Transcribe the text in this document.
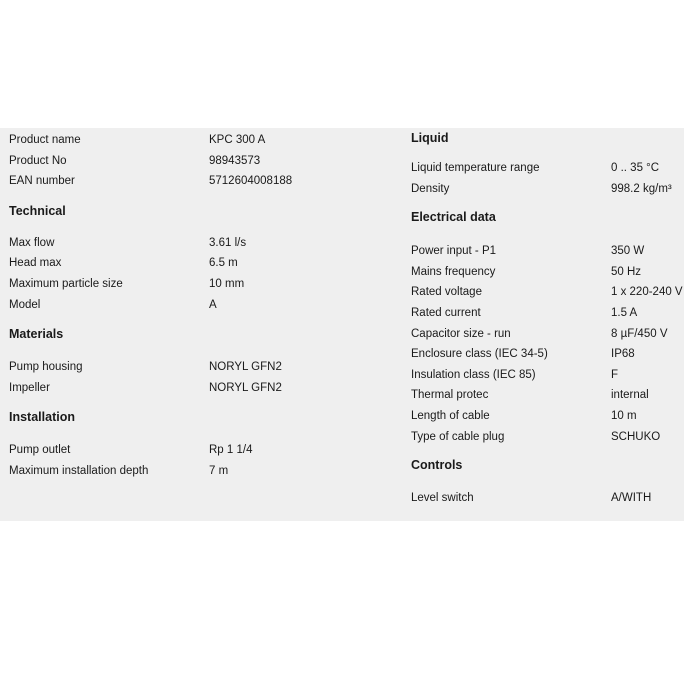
Product name	KPC 300 A
Product No	98943573
EAN number	5712604008188
Technical
Max flow	3.61 l/s
Head max	6.5 m
Maximum particle size	10 mm
Model	A
Materials
Pump housing	NORYL GFN2
Impeller	NORYL GFN2
Installation
Pump outlet	Rp 1 1/4
Maximum installation depth	7 m
Liquid
Liquid temperature range	0 .. 35 °C
Density	998.2 kg/m³
Electrical data
Power input - P1	350 W
Mains frequency	50 Hz
Rated voltage	1 x 220-240 V
Rated current	1.5 A
Capacitor size - run	8 µF/450 V
Enclosure class (IEC 34-5)	IP68
Insulation class (IEC 85)	F
Thermal protec	internal
Length of cable	10 m
Type of cable plug	SCHUKO
Controls
Level switch	A/WITH
